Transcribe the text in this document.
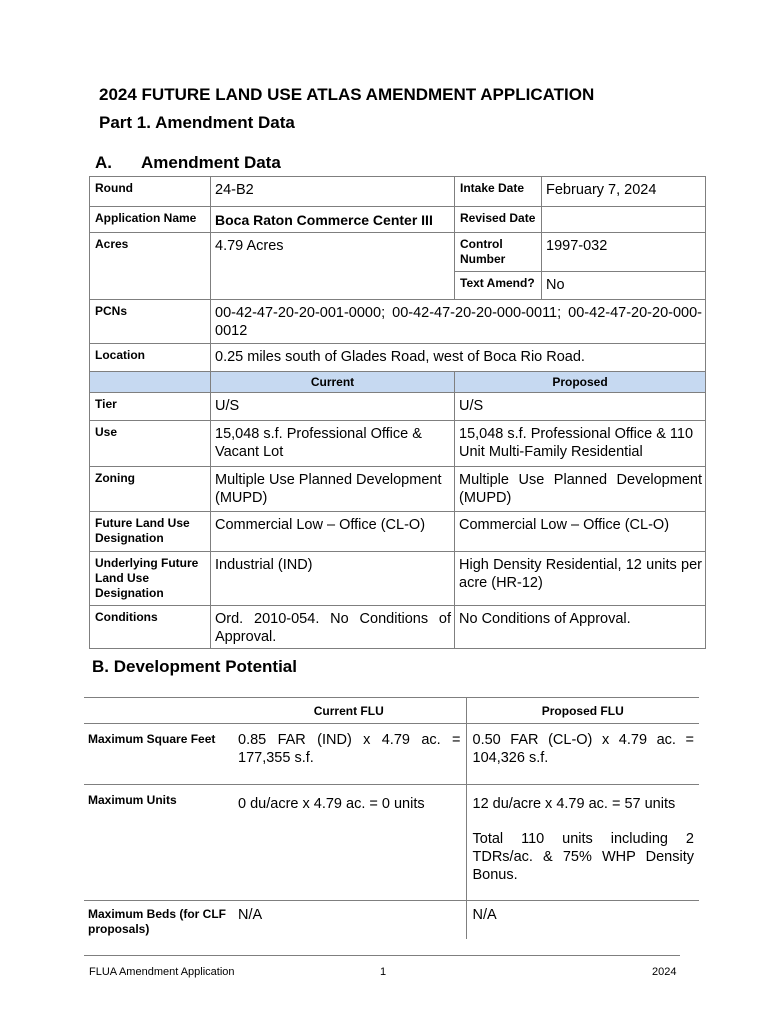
2024 FUTURE LAND USE ATLAS AMENDMENT APPLICATION
Part 1. Amendment Data
A. Amendment Data
Round	24-B2	Intake Date	February 7, 2024
Application Name	Boca Raton Commerce Center III	Revised Date	
Acres	4.79 Acres	Control Number	1997-032
		Text Amend?	No
PCNs	00-42-47-20-20-001-0000; 00-42-47-20-20-000-0011; 00-42-47-20-20-000-0012		
Location	0.25 miles south of Glades Road, west of Boca Rio Road.		
	Current	Proposed	
Tier	U/S	U/S	
Use	15,048 s.f. Professional Office & Vacant Lot	15,048 s.f. Professional Office & 110 Unit Multi-Family Residential	
Zoning	Multiple Use Planned Development (MUPD)	Multiple Use Planned Development (MUPD)	
Future Land Use Designation	Commercial Low – Office (CL-O)	Commercial Low – Office (CL-O)	
Underlying Future Land Use Designation	Industrial (IND)	High Density Residential, 12 units per acre (HR-12)	
Conditions	Ord. 2010-054. No Conditions of Approval.	No Conditions of Approval.	
B. Development Potential
	Current FLU	Proposed FLU
Maximum Square Feet	0.85 FAR (IND) x 4.79 ac. = 177,355 s.f.	0.50 FAR (CL-O) x 4.79 ac. = 104,326 s.f.
Maximum Units	0 du/acre x 4.79 ac. = 0 units	12 du/acre x 4.79 ac. = 57 units
Total 110 units including 2 TDRs/ac. & 75% WHP Density Bonus.

Maximum Beds (for CLF proposals)	N/A	N/A
FLUA Amendment Application	1	2024
